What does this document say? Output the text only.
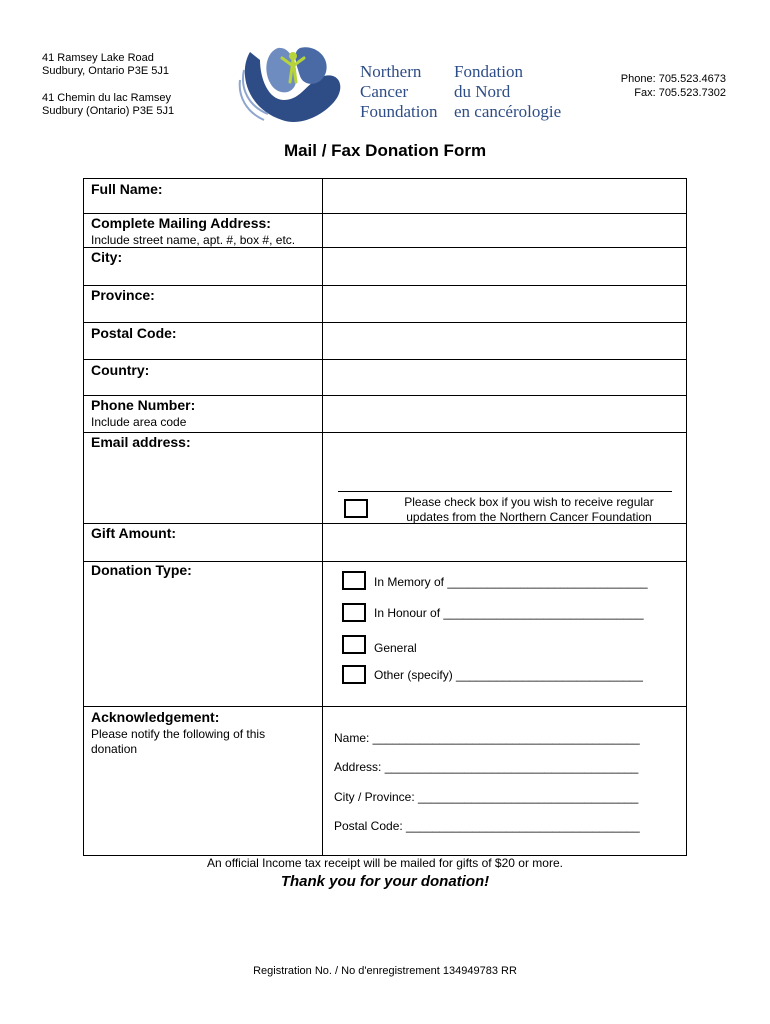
41 Ramsey Lake Road
Sudbury, Ontario P3E 5J1
41 Chemin du lac Ramsey
Sudbury (Ontario) P3E 5J1
Northern
Cancer
Foundation
Fondation
du Nord
en cancérologie
Phone: 705.523.4673
Fax: 705.523.7302
Mail / Fax Donation Form
Full Name:
Complete Mailing Address:
Include street name, apt. #, box #, etc.
City:
Province:
Postal Code:
Country:
Phone Number:
Include area code
Email address:
Please check box if you wish to receive regular updates from the Northern Cancer Foundation
Gift Amount:
Donation Type:
In Memory of ______________________________
In Honour of ______________________________
General
Other (specify) ____________________________
Acknowledgement:
Please notify the following of this donation
Name: ________________________________________
Address: ______________________________________
City / Province: _________________________________
Postal Code: ___________________________________
An official Income tax receipt will be mailed for gifts of $20 or more.
Thank you for your donation!
Registration No. / No d'enregistrement 134949783 RR
